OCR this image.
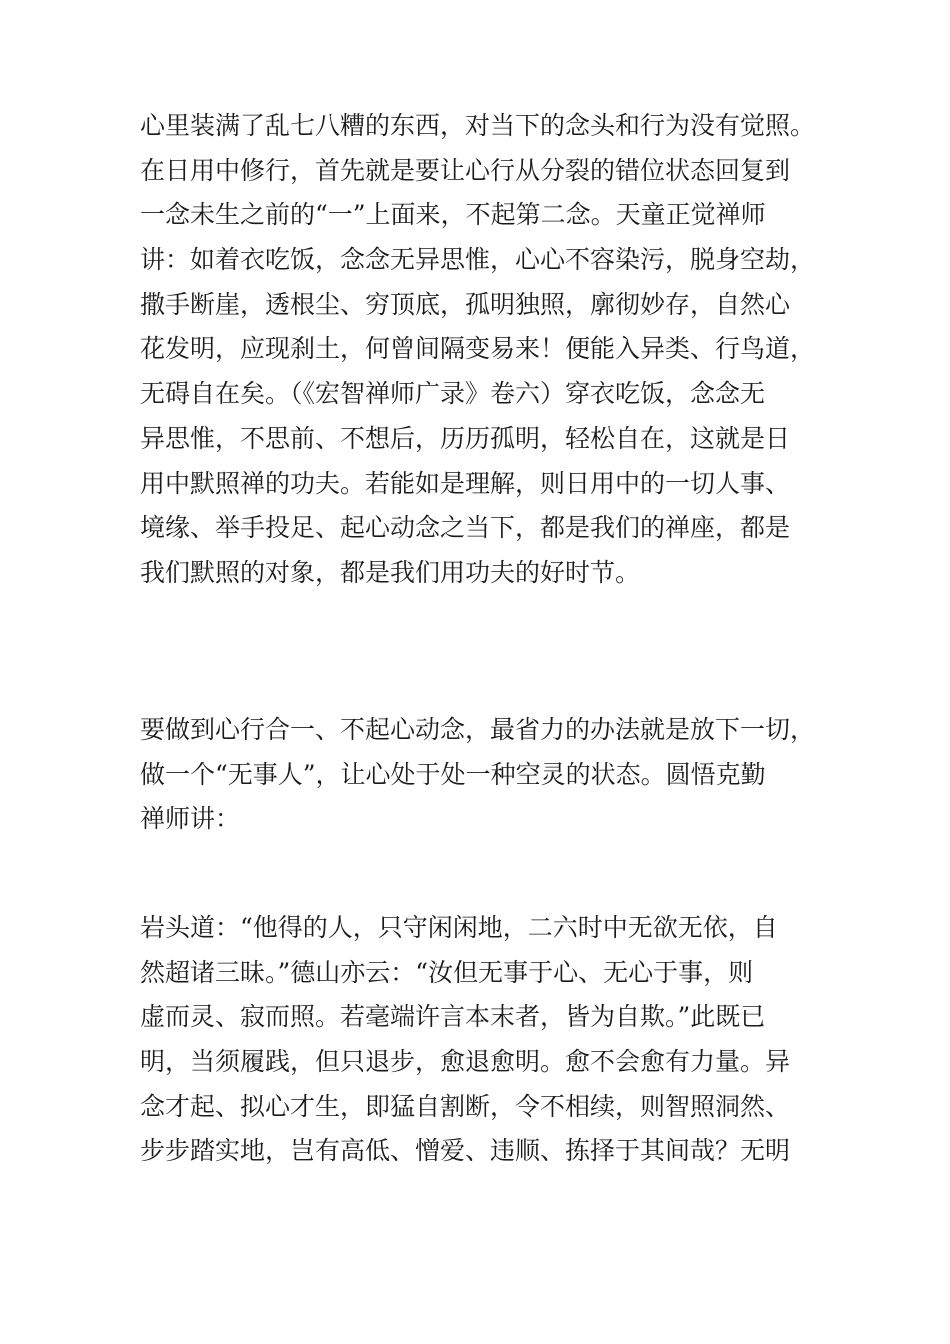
心里装满了乱七八糟的东西，对当下的念头和行为没有觉照。
在日用中修行，首先就是要让心行从分裂的错位状态回复到
一念未生之前的“一”上面来，不起第二念。天童正觉禅师
讲：如着衣吃饭，念念无异思惟，心心不容染污，脱身空劫，
撒手断崖，透根尘、穷顶底，孤明独照，廓彻妙存，自然心
花发明，应现刹土，何曾间隔变易来！便能入异类、行鸟道，
无碍自在矣。（《宏智禅师广录》卷六）穿衣吃饭，念念无
异思惟，不思前、不想后，历历孤明，轻松自在，这就是日
用中默照禅的功夫。若能如是理解，则日用中的一切人事、
境缘、举手投足、起心动念之当下，都是我们的禅座，都是
我们默照的对象，都是我们用功夫的好时节。
要做到心行合一、不起心动念，最省力的办法就是放下一切，
做一个“无事人”，让心处于处一种空灵的状态。圆悟克勤
禅师讲：
岩头道：“他得的人，只守闲闲地，二六时中无欲无依，自
然超诸三昧。”德山亦云：“汝但无事于心、无心于事，则
虚而灵、寂而照。若毫端许言本末者，皆为自欺。”此既已
明，当须履践，但只退步，愈退愈明。愈不会愈有力量。异
念才起、拟心才生，即猛自割断，令不相续，则智照洞然、
步步踏实地，岂有高低、憎爱、违顺、拣择于其间哉？无明
